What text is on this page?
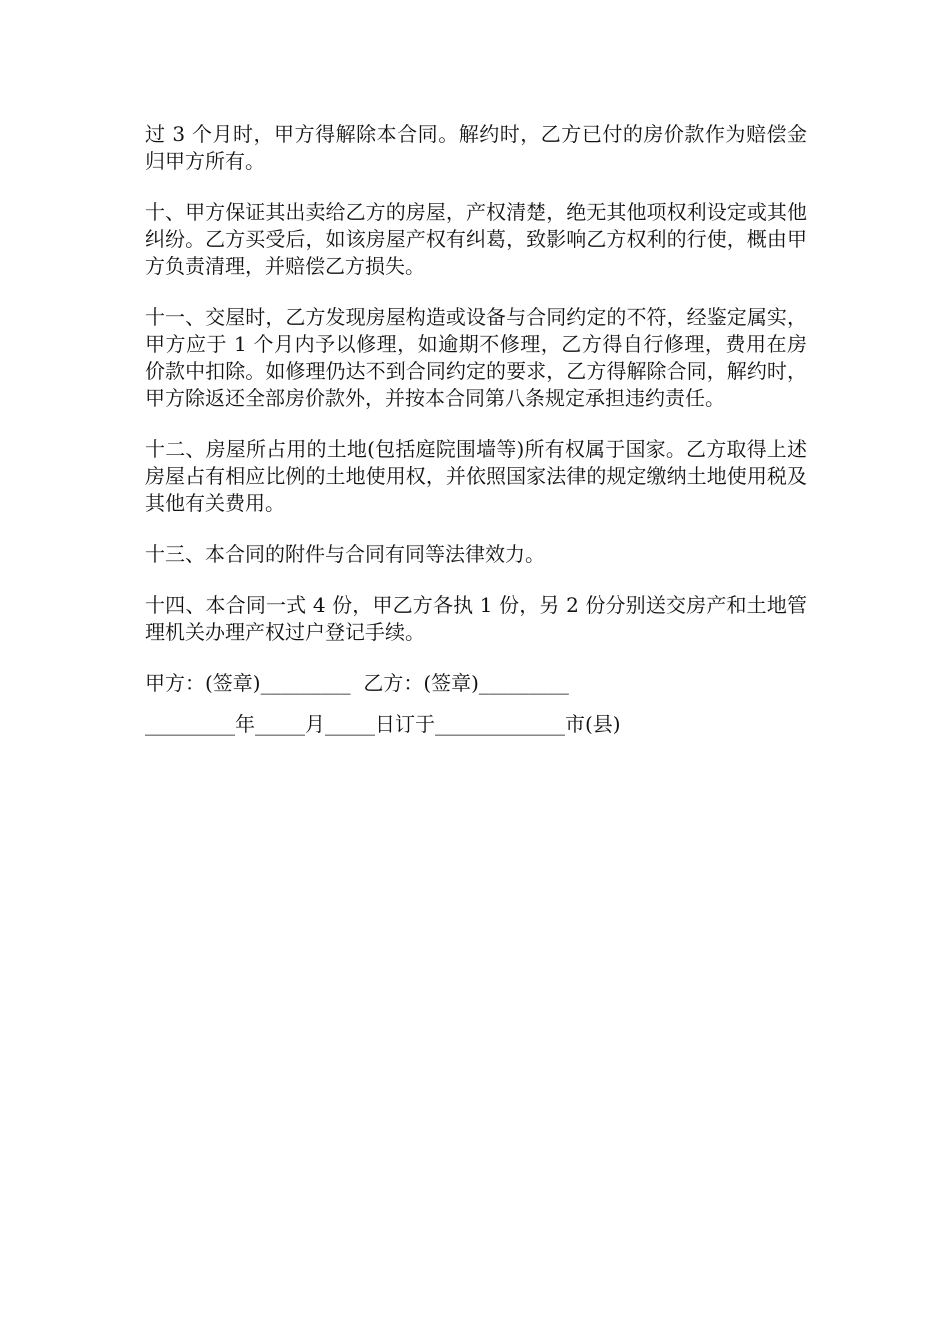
过 3 个月时，甲方得解除本合同。解约时，乙方已付的房价款作为赔偿金归甲方所有。

十、甲方保证其出卖给乙方的房屋，产权清楚，绝无其他项权利设定或其他纠纷。乙方买受后，如该房屋产权有纠葛，致影响乙方权利的行使，概由甲方负责清理，并赔偿乙方损失。

十一、交屋时，乙方发现房屋构造或设备与合同约定的不符，经鉴定属实，甲方应于 1 个月内予以修理，如逾期不修理，乙方得自行修理，费用在房价款中扣除。如修理仍达不到合同约定的要求，乙方得解除合同，解约时，甲方除返还全部房价款外，并按本合同第八条规定承担违约责任。

十二、房屋所占用的土地(包括庭院围墙等)所有权属于国家。乙方取得上述房屋占有相应比例的土地使用权，并依照国家法律的规定缴纳土地使用税及其他有关费用。

十三、本合同的附件与合同有同等法律效力。

十四、本合同一式 4 份，甲乙方各执 1 份，另 2 份分别送交房产和土地管理机关办理产权过户登记手续。

甲方：(签章)_________  乙方：(签章)_________

_________年_____月_____日订于_____________市(县)
